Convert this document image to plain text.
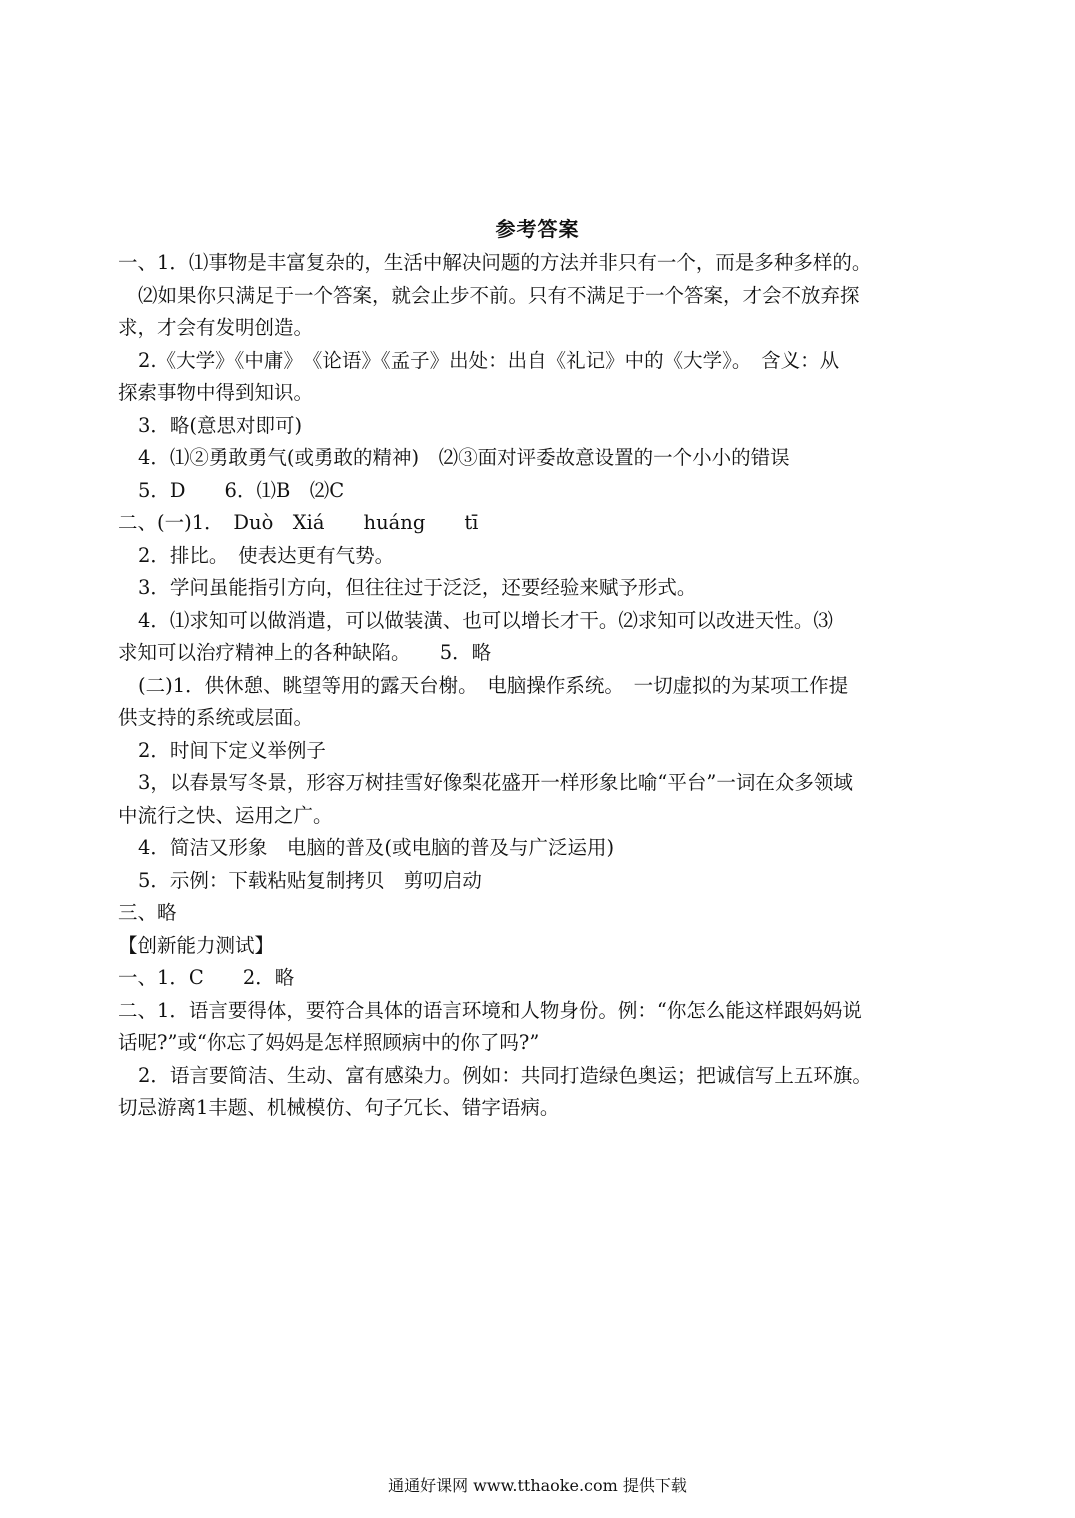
参考答案
一、1．⑴事物是丰富复杂的，生活中解决问题的方法并非只有一个，而是多种多样的。
⑵如果你只满足于一个答案，就会止步不前。只有不满足于一个答案，才会不放弃探
求，才会有发明创造。
2.《大学》《中庸》　《论语》《孟子》出处：出自《礼记》中的《大学》。　含义：从
探索事物中得到知识。
3．略(意思对即可)
4．⑴②勇敢勇气(或勇敢的精神)　⑵③面对评委故意设置的一个小小的错误
5．D　　6．⑴B　⑵C
二、(一)1．　Duò　Xiá　　huáng　　tī
2．排比。　使表达更有气势。
3．学问虽能指引方向，但往往过于泛泛，还要经验来赋予形式。
4．⑴求知可以做消遣，可以做装潢、也可以增长才干。⑵求知可以改进天性。⑶
求知可以治疗精神上的各种缺陷。　　5．略
(二)1．供休憩、眺望等用的露天台榭。　电脑操作系统。　一切虚拟的为某项工作提
供支持的系统或层面。
2．时间下定义举例子
3，以春景写冬景，形容万树挂雪好像梨花盛开一样形象比喻“平台”一词在众多领域
中流行之快、运用之广。
4．简洁又形象　电脑的普及(或电脑的普及与广泛运用)
5．示例：下载粘贴复制拷贝　剪叨启动
三、略
【创新能力测试】
一、1．C　　2．略
二、1．语言要得体，要符合具体的语言环境和人物身份。例：“你怎么能这样跟妈妈说
话呢?”或“你忘了妈妈是怎样照顾病中的你了吗?”
2．语言要简洁、生动、富有感染力。例如：共同打造绿色奥运；把诚信写上五环旗。
切忌游离1丰题、机械模仿、句子冗长、错字语病。
通通好课网 www.tthaoke.com 提供下载
